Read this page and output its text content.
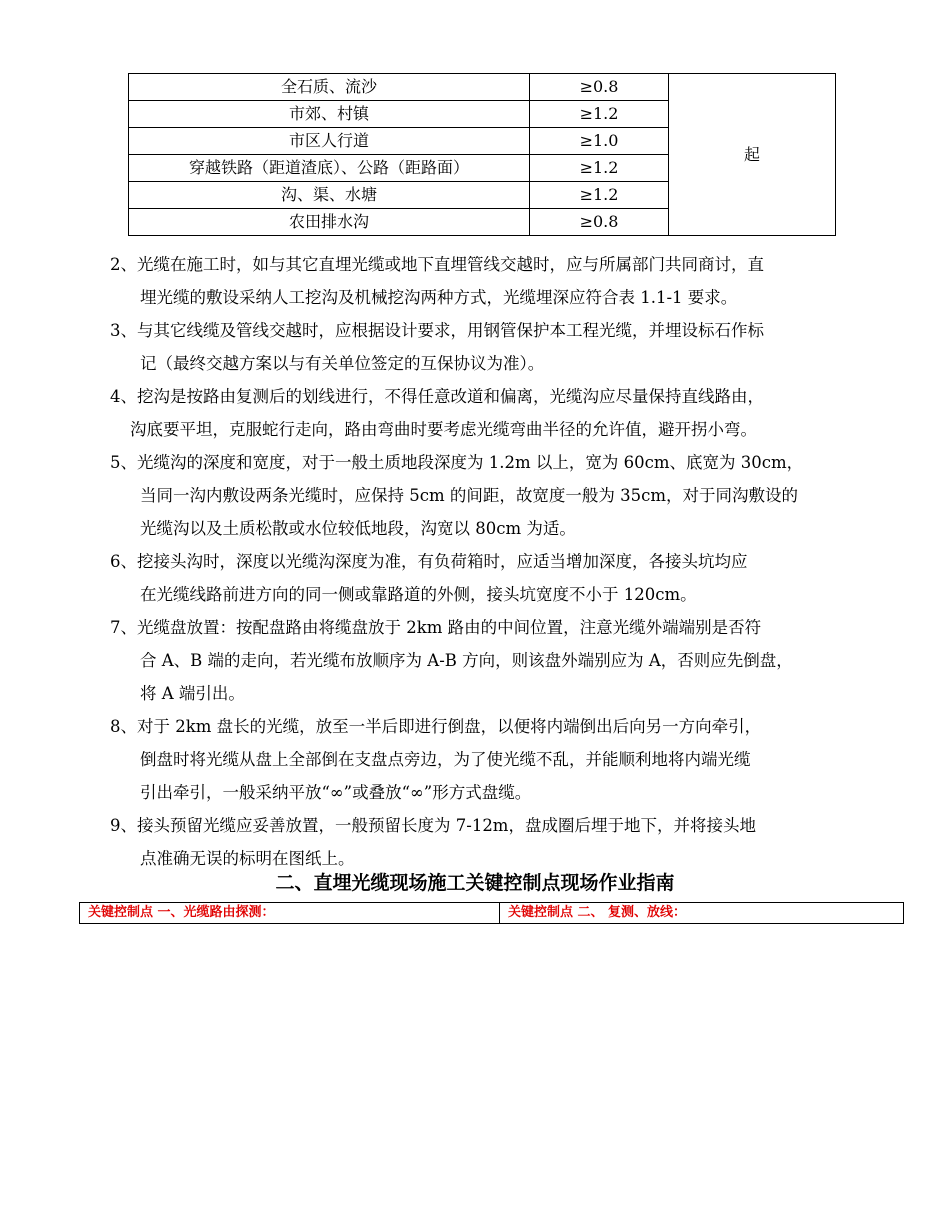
全石质、流沙	≥0.8	起
市郊、村镇	≥1.2	
市区人行道	≥1.0	
穿越铁路（距道渣底）、公路（距路面）	≥1.2	
沟、渠、水塘	≥1.2	
农田排水沟	≥0.8	
2、光缆在施工时，如与其它直埋光缆或地下直埋管线交越时，应与所属部门共同商讨，直
埋光缆的敷设采纳人工挖沟及机械挖沟两种方式，光缆埋深应符合表 1.1-1 要求。
3、与其它线缆及管线交越时，应根据设计要求，用钢管保护本工程光缆，并埋设标石作标
记（最终交越方案以与有关单位签定的互保协议为准）。
4、挖沟是按路由复测后的划线进行，不得任意改道和偏离，光缆沟应尽量保持直线路由，
沟底要平坦，克服蛇行走向，路由弯曲时要考虑光缆弯曲半径的允许值，避开拐小弯。
5、光缆沟的深度和宽度，对于一般土质地段深度为 1.2m 以上，宽为 60cm、底宽为 30cm，
当同一沟内敷设两条光缆时，应保持 5cm 的间距，故宽度一般为 35cm，对于同沟敷设的
光缆沟以及土质松散或水位较低地段，沟宽以 80cm 为适。
6、挖接头沟时，深度以光缆沟深度为准，有负荷箱时，应适当增加深度，各接头坑均应
在光缆线路前进方向的同一侧或靠路道的外侧，接头坑宽度不小于 120cm。
7、光缆盘放置：按配盘路由将缆盘放于 2km 路由的中间位置，注意光缆外端端别是否符
合 A、B 端的走向，若光缆布放顺序为 A-B 方向，则该盘外端别应为 A，否则应先倒盘，
将 A 端引出。
8、对于 2km 盘长的光缆，放至一半后即进行倒盘，以便将内端倒出后向另一方向牵引，
倒盘时将光缆从盘上全部倒在支盘点旁边，为了使光缆不乱，并能顺利地将内端光缆
引出牵引，一般采纳平放“∞”或叠放“∞”形方式盘缆。
9、接头预留光缆应妥善放置，一般预留长度为 7-12m，盘成圈后埋于地下，并将接头地
点准确无误的标明在图纸上。
二、直埋光缆现场施工关键控制点现场作业指南
关键控制点 一、光缆路由探测：	关键控制点 二、 复测、放线：
